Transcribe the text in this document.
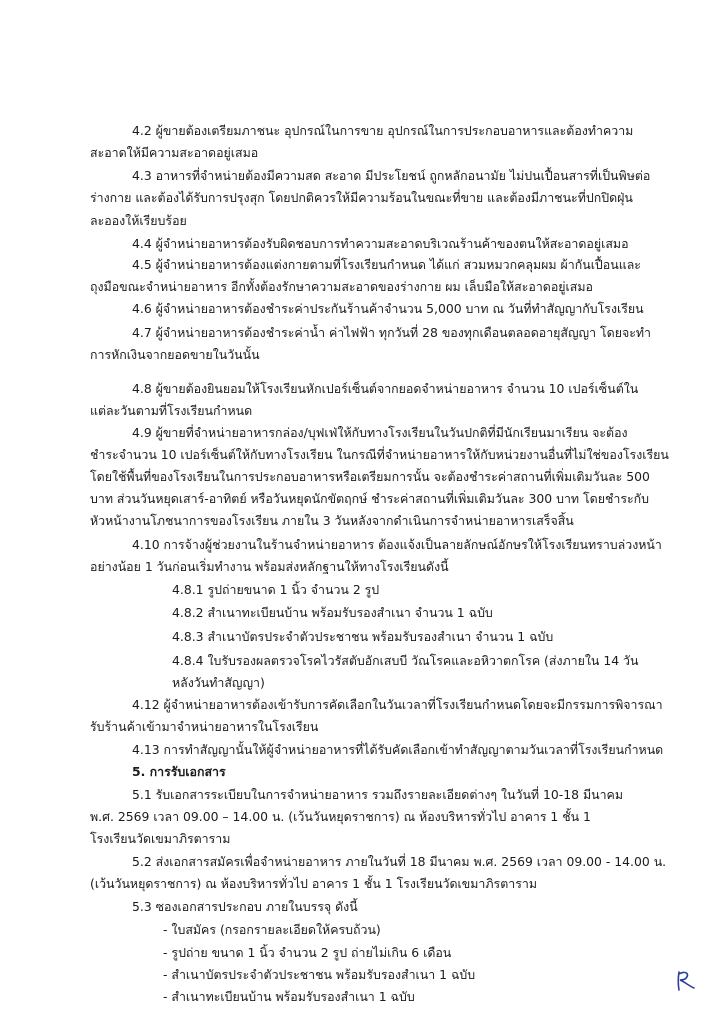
4.2 ผู้ขายต้องเตรียมภาชนะ อุปกรณ์ในการขาย อุปกรณ์ในการประกอบอาหารและต้องทำความ
สะอาดให้มีความสะอาดอยู่เสมอ
4.3 อาหารที่จำหน่ายต้องมีความสด สะอาด มีประโยชน์ ถูกหลักอนามัย ไม่ปนเปื้อนสารที่เป็นพิษต่อ
ร่างกาย และต้องได้รับการปรุงสุก โดยปกติควรให้มีความร้อนในขณะที่ขาย และต้องมีภาชนะที่ปกปิดฝุ่น
ละอองให้เรียบร้อย
4.4 ผู้จำหน่ายอาหารต้องรับผิดชอบการทำความสะอาดบริเวณร้านค้าของตนให้สะอาดอยู่เสมอ
4.5 ผู้จำหน่ายอาหารต้องแต่งกายตามที่โรงเรียนกำหนด ได้แก่ สวมหมวกคลุมผม ผ้ากันเปื้อนและ
ถุงมือขณะจำหน่ายอาหาร อีกทั้งต้องรักษาความสะอาดของร่างกาย ผม เล็บมือให้สะอาดอยู่เสมอ
4.6 ผู้จำหน่ายอาหารต้องชำระค่าประกันร้านค้าจำนวน 5,000 บาท ณ วันที่ทำสัญญากับโรงเรียน
4.7 ผู้จำหน่ายอาหารต้องชำระค่าน้ำ ค่าไฟฟ้า ทุกวันที่ 28 ของทุกเดือนตลอดอายุสัญญา โดยจะทำ
การหักเงินจากยอดขายในวันนั้น
4.8 ผู้ขายต้องยินยอมให้โรงเรียนหักเปอร์เซ็นต์จากยอดจำหน่ายอาหาร จำนวน 10 เปอร์เซ็นต์ใน
แต่ละวันตามที่โรงเรียนกำหนด
4.9 ผู้ขายที่จำหน่ายอาหารกล่อง/บุฟเฟ่ให้กับทางโรงเรียนในวันปกติที่มีนักเรียนมาเรียน จะต้อง
ชำระจำนวน 10 เปอร์เซ็นต์ให้กับทางโรงเรียน ในกรณีที่จำหน่ายอาหารให้กับหน่วยงานอื่นที่ไม่ใช่ของโรงเรียน
โดยใช้พื้นที่ของโรงเรียนในการประกอบอาหารหรือเตรียมการนั้น จะต้องชำระค่าสถานที่เพิ่มเติมวันละ 500
บาท ส่วนวันหยุดเสาร์-อาทิตย์ หรือวันหยุดนักขัตฤกษ์ ชำระค่าสถานที่เพิ่มเติมวันละ 300 บาท โดยชำระกับ
หัวหน้างานโภชนาการของโรงเรียน ภายใน 3 วันหลังจากดำเนินการจำหน่ายอาหารเสร็จสิ้น
4.10 การจ้างผู้ช่วยงานในร้านจำหน่ายอาหาร ต้องแจ้งเป็นลายลักษณ์อักษรให้โรงเรียนทราบล่วงหน้า
อย่างน้อย 1 วันก่อนเริ่มทำงาน พร้อมส่งหลักฐานให้ทางโรงเรียนดังนี้
4.8.1 รูปถ่ายขนาด 1 นิ้ว จำนวน 2 รูป
4.8.2 สำเนาทะเบียนบ้าน พร้อมรับรองสำเนา จำนวน 1 ฉบับ
4.8.3 สำเนาบัตรประจำตัวประชาชน พร้อมรับรองสำเนา จำนวน 1 ฉบับ
4.8.4 ใบรับรองผลตรวจโรคไวรัสตับอักเสบบี วัณโรคและอหิวาตกโรค (ส่งภายใน 14 วัน
หลังวันทำสัญญา)
4.12 ผู้จำหน่ายอาหารต้องเข้ารับการคัดเลือกในวันเวลาที่โรงเรียนกำหนดโดยจะมีกรรมการพิจารณา
รับร้านค้าเข้ามาจำหน่ายอาหารในโรงเรียน
4.13 การทำสัญญานั้นให้ผู้จำหน่ายอาหารที่ได้รับคัดเลือกเข้าทำสัญญาตามวันเวลาที่โรงเรียนกำหนด
5. การรับเอกสาร
5.1 รับเอกสารระเบียบในการจำหน่ายอาหาร รวมถึงรายละเอียดต่างๆ ในวันที่ 10-18 มีนาคม
พ.ศ. 2569 เวลา 09.00 – 14.00 น. (เว้นวันหยุดราชการ) ณ ห้องบริหารทั่วไป อาคาร 1 ชั้น 1
โรงเรียนวัดเขมาภิรตาราม
5.2 ส่งเอกสารสมัครเพื่อจำหน่ายอาหาร ภายในวันที่ 18 มีนาคม พ.ศ. 2569 เวลา 09.00 - 14.00 น.
(เว้นวันหยุดราชการ) ณ ห้องบริหารทั่วไป อาคาร 1 ชั้น 1 โรงเรียนวัดเขมาภิรตาราม
5.3 ซองเอกสารประกอบ ภายในบรรจุ ดังนี้
- ใบสมัคร (กรอกรายละเอียดให้ครบถ้วน)
- รูปถ่าย ขนาด 1 นิ้ว จำนวน 2 รูป ถ่ายไม่เกิน 6 เดือน
- สำเนาบัตรประจำตัวประชาชน พร้อมรับรองสำเนา 1 ฉบับ
- สำเนาทะเบียนบ้าน พร้อมรับรองสำเนา 1 ฉบับ
